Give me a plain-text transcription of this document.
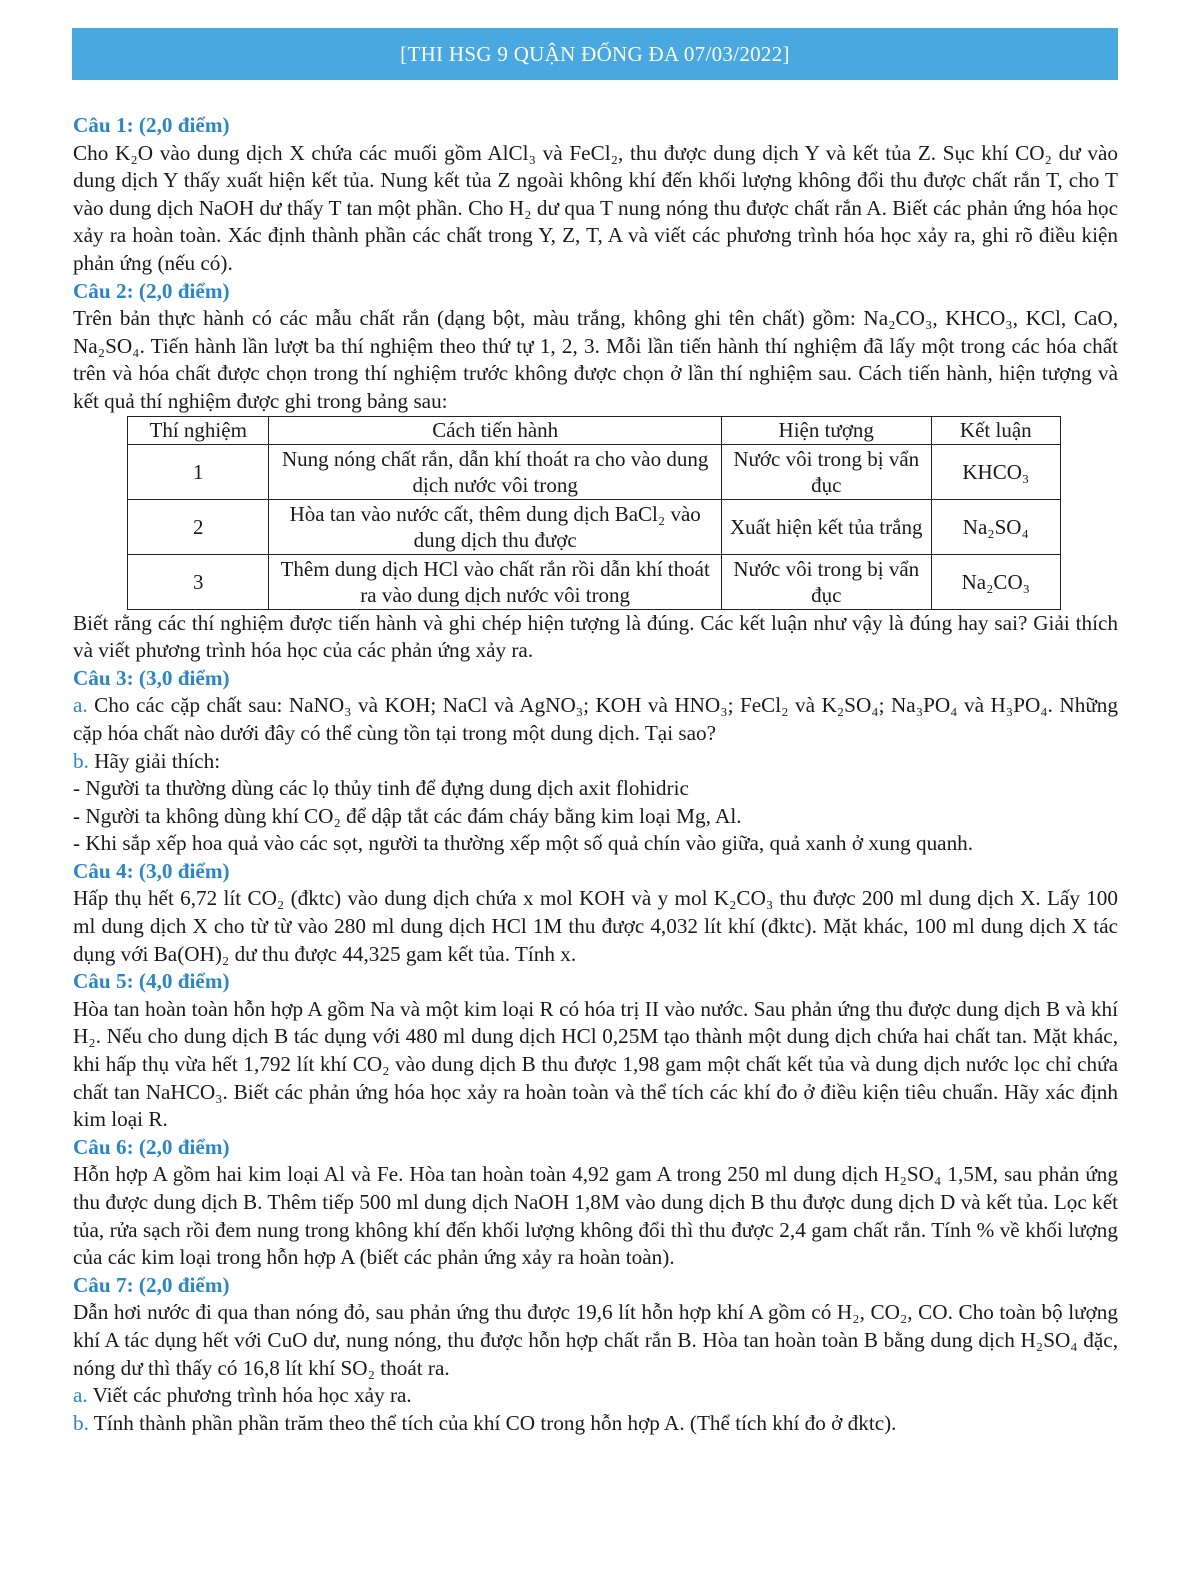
[THI HSG 9 QUẬN ĐỐNG ĐA 07/03/2022]

Câu 1: (2,0 điểm)

Cho K₂O vào dung dịch X chứa các muối gồm AlCl₃ và FeCl₂, thu được dung dịch Y và kết tủa Z. Sục khí CO₂ dư vào dung dịch Y thấy xuất hiện kết tủa. Nung kết tủa Z ngoài không khí đến khối lượng không đổi thu được chất rắn T, cho T vào dung dịch NaOH dư thấy T tan một phần. Cho H₂ dư qua T nung nóng thu được chất rắn A. Biết các phản ứng hóa học xảy ra hoàn toàn. Xác định thành phần các chất trong Y, Z, T, A và viết các phương trình hóa học xảy ra, ghi rõ điều kiện phản ứng (nếu có).

Câu 2: (2,0 điểm)

Trên bản thực hành có các mẫu chất rắn (dạng bột, màu trắng, không ghi tên chất) gồm: Na₂CO₃, KHCO₃, KCl, CaO, Na₂SO₄. Tiến hành lần lượt ba thí nghiệm theo thứ tự 1, 2, 3. Mỗi lần tiến hành thí nghiệm đã lấy một trong các hóa chất trên và hóa chất được chọn trong thí nghiệm trước không được chọn ở lần thí nghiệm sau. Cách tiến hành, hiện tượng và kết quả thí nghiệm được ghi trong bảng sau:

Thí nghiệm	Cách tiến hành	Hiện tượng	Kết luận
1	Nung nóng chất rắn, dẫn khí thoát ra cho vào dung dịch nước vôi trong	Nước vôi trong bị vẩn đục	KHCO₃
2	Hòa tan vào nước cất, thêm dung dịch BaCl₂ vào dung dịch thu được	Xuất hiện kết tủa trắng	Na₂SO₄
3	Thêm dung dịch HCl vào chất rắn rồi dẫn khí thoát ra vào dung dịch nước vôi trong	Nước vôi trong bị vẩn đục	Na₂CO₃

Biết rằng các thí nghiệm được tiến hành và ghi chép hiện tượng là đúng. Các kết luận như vậy là đúng hay sai? Giải thích và viết phương trình hóa học của các phản ứng xảy ra.

Câu 3: (3,0 điểm)

a. Cho các cặp chất sau: NaNO₃ và KOH; NaCl và AgNO₃; KOH và HNO₃; FeCl₂ và K₂SO₄; Na₃PO₄ và H₃PO₄. Những cặp hóa chất nào dưới đây có thể cùng tồn tại trong một dung dịch. Tại sao?

b. Hãy giải thích:

- Người ta thường dùng các lọ thủy tinh để đựng dung dịch axit flohidric

- Người ta không dùng khí CO₂ để dập tắt các đám cháy bằng kim loại Mg, Al.

- Khi sắp xếp hoa quả vào các sọt, người ta thường xếp một số quả chín vào giữa, quả xanh ở xung quanh.

Câu 4: (3,0 điểm)

Hấp thụ hết 6,72 lít CO₂ (đktc) vào dung dịch chứa x mol KOH và y mol K₂CO₃ thu được 200 ml dung dịch X. Lấy 100 ml dung dịch X cho từ từ vào 280 ml dung dịch HCl 1M thu được 4,032 lít khí (đktc). Mặt khác, 100 ml dung dịch X tác dụng với Ba(OH)₂ dư thu được 44,325 gam kết tủa. Tính x.

Câu 5: (4,0 điểm)

Hòa tan hoàn toàn hỗn hợp A gồm Na và một kim loại R có hóa trị II vào nước. Sau phản ứng thu được dung dịch B và khí H₂. Nếu cho dung dịch B tác dụng với 480 ml dung dịch HCl 0,25M tạo thành một dung dịch chứa hai chất tan. Mặt khác, khi hấp thụ vừa hết 1,792 lít khí CO₂ vào dung dịch B thu được 1,98 gam một chất kết tủa và dung dịch nước lọc chỉ chứa chất tan NaHCO₃. Biết các phản ứng hóa học xảy ra hoàn toàn và thể tích các khí đo ở điều kiện tiêu chuẩn. Hãy xác định kim loại R.

Câu 6: (2,0 điểm)

Hỗn hợp A gồm hai kim loại Al và Fe. Hòa tan hoàn toàn 4,92 gam A trong 250 ml dung dịch H₂SO₄ 1,5M, sau phản ứng thu được dung dịch B. Thêm tiếp 500 ml dung dịch NaOH 1,8M vào dung dịch B thu được dung dịch D và kết tủa. Lọc kết tủa, rửa sạch rồi đem nung trong không khí đến khối lượng không đổi thì thu được 2,4 gam chất rắn. Tính % về khối lượng của các kim loại trong hỗn hợp A (biết các phản ứng xảy ra hoàn toàn).

Câu 7: (2,0 điểm)

Dẫn hơi nước đi qua than nóng đỏ, sau phản ứng thu được 19,6 lít hỗn hợp khí A gồm có H₂, CO₂, CO. Cho toàn bộ lượng khí A tác dụng hết với CuO dư, nung nóng, thu được hỗn hợp chất rắn B. Hòa tan hoàn toàn B bằng dung dịch H₂SO₄ đặc, nóng dư thì thấy có 16,8 lít khí SO₂ thoát ra.

a. Viết các phương trình hóa học xảy ra.

b. Tính thành phần phần trăm theo thể tích của khí CO trong hỗn hợp A. (Thể tích khí đo ở đktc).
